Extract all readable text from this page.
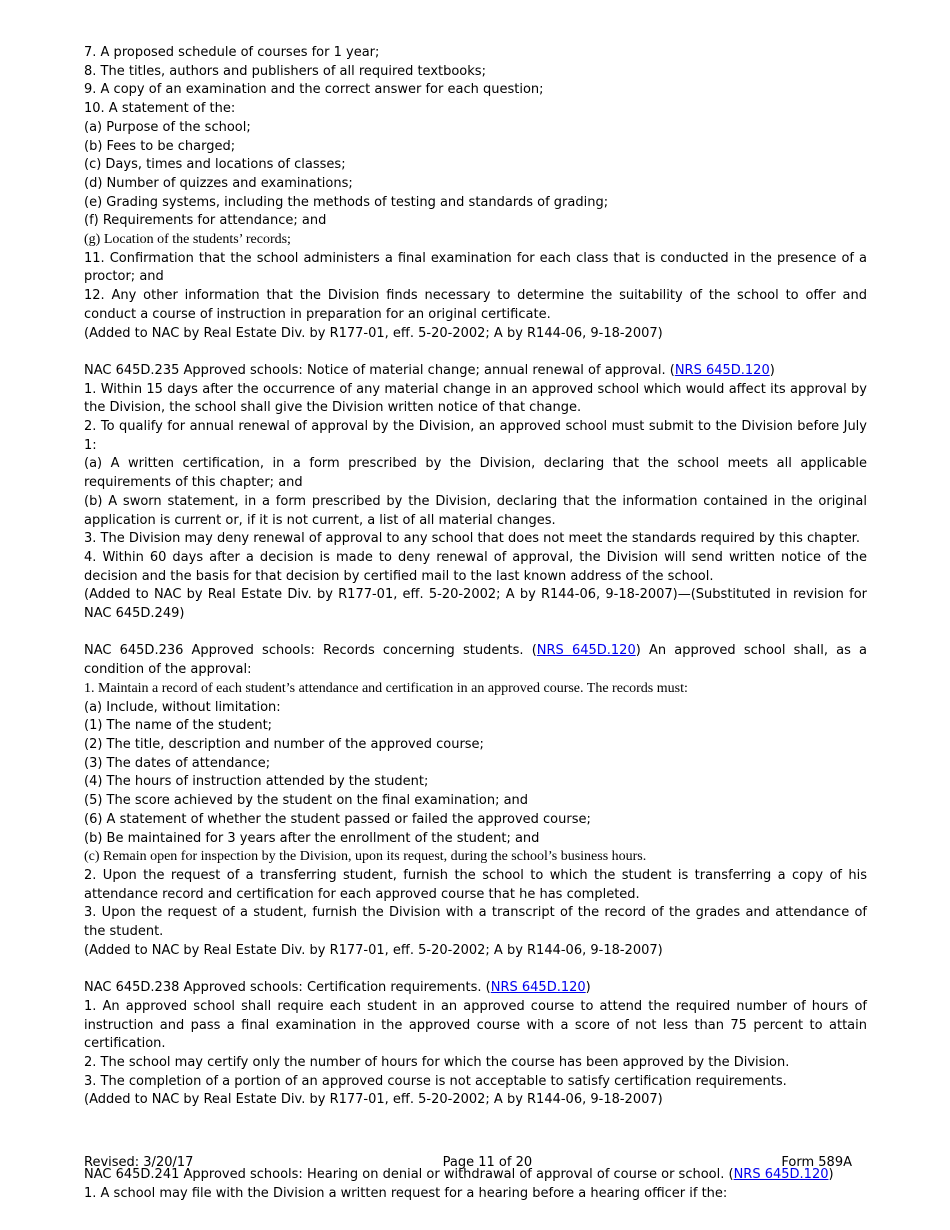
7. A proposed schedule of courses for 1 year;
8. The titles, authors and publishers of all required textbooks;
9. A copy of an examination and the correct answer for each question;
10. A statement of the:
(a) Purpose of the school;
(b) Fees to be charged;
(c) Days, times and locations of classes;
(d) Number of quizzes and examinations;
(e) Grading systems, including the methods of testing and standards of grading;
(f) Requirements for attendance; and
(g) Location of the students’ records;
11. Confirmation that the school administers a final examination for each class that is conducted in the presence of a proctor; and
12. Any other information that the Division finds necessary to determine the suitability of the school to offer and conduct a course of instruction in preparation for an original certificate.
(Added to NAC by Real Estate Div. by R177-01, eff. 5-20-2002; A by R144-06, 9-18-2007)
NAC 645D.235 Approved schools: Notice of material change; annual renewal of approval. (NRS 645D.120)
1. Within 15 days after the occurrence of any material change in an approved school which would affect its approval by the Division, the school shall give the Division written notice of that change.
2. To qualify for annual renewal of approval by the Division, an approved school must submit to the Division before July 1:
(a) A written certification, in a form prescribed by the Division, declaring that the school meets all applicable requirements of this chapter; and
(b) A sworn statement, in a form prescribed by the Division, declaring that the information contained in the original application is current or, if it is not current, a list of all material changes.
3. The Division may deny renewal of approval to any school that does not meet the standards required by this chapter.
4. Within 60 days after a decision is made to deny renewal of approval, the Division will send written notice of the decision and the basis for that decision by certified mail to the last known address of the school.
(Added to NAC by Real Estate Div. by R177-01, eff. 5-20-2002; A by R144-06, 9-18-2007)—(Substituted in revision for NAC 645D.249)
NAC 645D.236 Approved schools: Records concerning students. (NRS 645D.120) An approved school shall, as a condition of the approval:
1. Maintain a record of each student’s attendance and certification in an approved course. The records must:
(a) Include, without limitation:
(1) The name of the student;
(2) The title, description and number of the approved course;
(3) The dates of attendance;
(4) The hours of instruction attended by the student;
(5) The score achieved by the student on the final examination; and
(6) A statement of whether the student passed or failed the approved course;
(b) Be maintained for 3 years after the enrollment of the student; and
(c) Remain open for inspection by the Division, upon its request, during the school’s business hours.
2. Upon the request of a transferring student, furnish the school to which the student is transferring a copy of his attendance record and certification for each approved course that he has completed.
3. Upon the request of a student, furnish the Division with a transcript of the record of the grades and attendance of the student.
(Added to NAC by Real Estate Div. by R177-01, eff. 5-20-2002; A by R144-06, 9-18-2007)
NAC 645D.238 Approved schools: Certification requirements. (NRS 645D.120)
1. An approved school shall require each student in an approved course to attend the required number of hours of instruction and pass a final examination in the approved course with a score of not less than 75 percent to attain certification.
2. The school may certify only the number of hours for which the course has been approved by the Division.
3. The completion of a portion of an approved course is not acceptable to satisfy certification requirements.
(Added to NAC by Real Estate Div. by R177-01, eff. 5-20-2002; A by R144-06, 9-18-2007)
NAC 645D.241 Approved schools: Hearing on denial or withdrawal of approval of course or school. (NRS 645D.120)
1. A school may file with the Division a written request for a hearing before a hearing officer if the:
Revised: 3/20/17	Page 11 of 20	Form 589A
